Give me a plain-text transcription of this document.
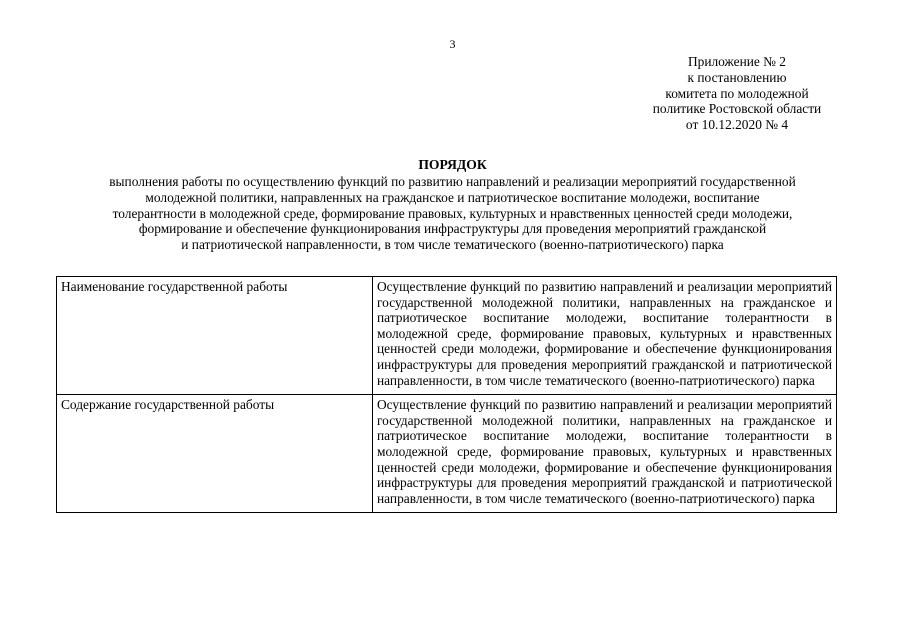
3
Приложение № 2
к постановлению
комитета по молодежной
политике Ростовской области
от 10.12.2020 № 4
ПОРЯДОК
выполнения работы по осуществлению функций по развитию направлений и реализации мероприятий государственной
молодежной политики, направленных на гражданское и патриотическое воспитание молодежи, воспитание
толерантности в молодежной среде, формирование правовых, культурных и нравственных ценностей среди молодежи,
формирование и обеспечение функционирования инфраструктуры для проведения мероприятий гражданской
и патриотической направленности, в том числе тематического (военно-патриотического) парка
Наименование государственной работы	Осуществление функций по развитию направлений и реализации мероприятий государственной молодежной политики, направленных на гражданское и патриотическое воспитание молодежи, воспитание толерантности в молодежной среде, формирование правовых, культурных и нравственных ценностей среди молодежи, формирование и обеспечение функционирования инфраструктуры для проведения мероприятий гражданской и патриотической направленности, в том числе тематического (военно-патриотического) парка
Содержание государственной работы	Осуществление функций по развитию направлений и реализации мероприятий государственной молодежной политики, направленных на гражданское и патриотическое воспитание молодежи, воспитание толерантности в молодежной среде, формирование правовых, культурных и нравственных ценностей среди молодежи, формирование и обеспечение функционирования инфраструктуры для проведения мероприятий гражданской и патриотической направленности, в том числе тематического (военно-патриотического) парка
